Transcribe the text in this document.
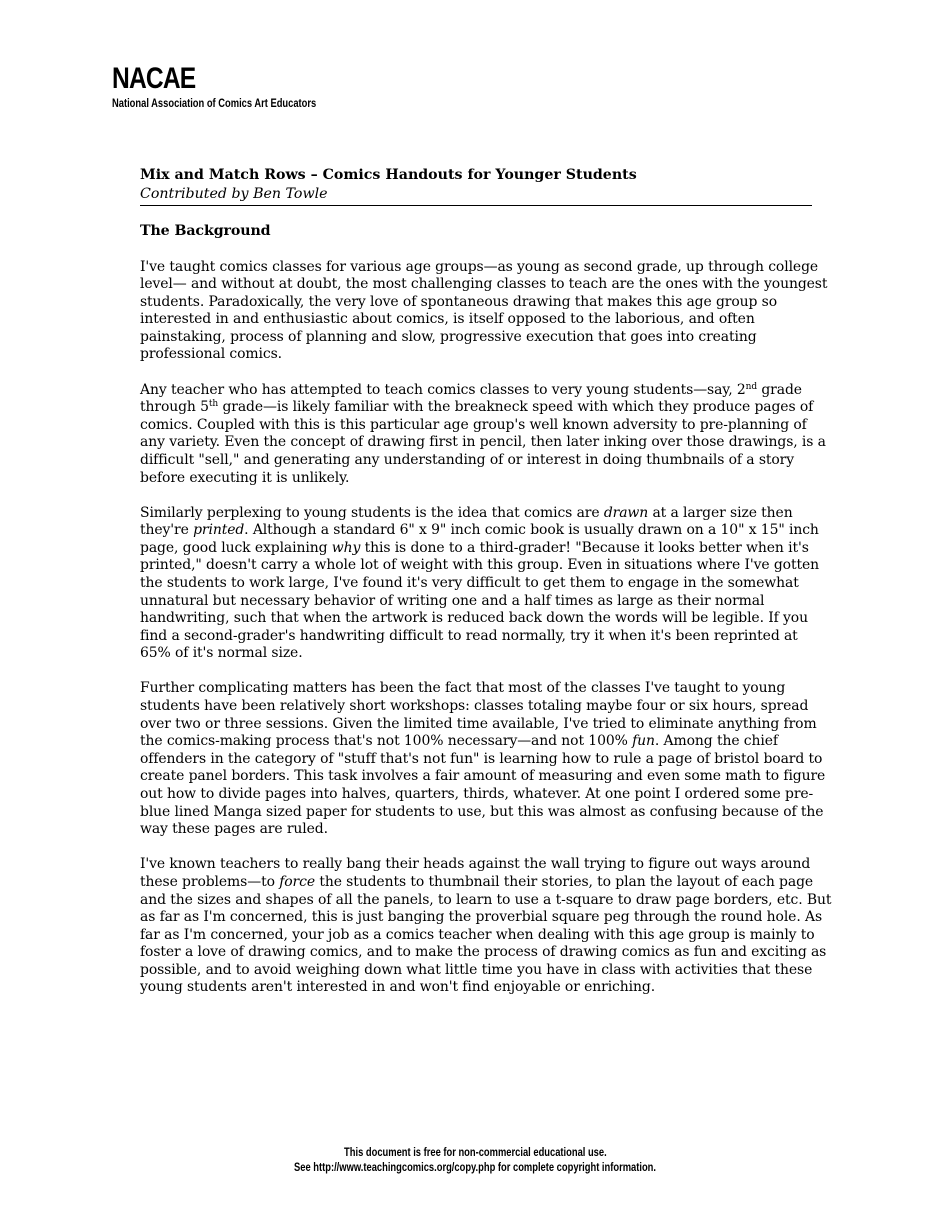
NACAE
National Association of Comics Art Educators

Mix and Match Rows – Comics Handouts for Younger Students

Contributed by Ben Towle

The Background

I've taught comics classes for various age groups—as young as second grade, up through college
level— and without at doubt, the most challenging classes to teach are the ones with the youngest
students. Paradoxically, the very love of spontaneous drawing that makes this age group so
interested in and enthusiastic about comics, is itself opposed to the laborious, and often
painstaking, process of planning and slow, progressive execution that goes into creating
professional comics.

Any teacher who has attempted to teach comics classes to very young students—say, 2nd grade
through 5th grade—is likely familiar with the breakneck speed with which they produce pages of
comics. Coupled with this is this particular age group's well known adversity to pre-planning of
any variety. Even the concept of drawing first in pencil, then later inking over those drawings, is a
difficult "sell," and generating any understanding of or interest in doing thumbnails of a story
before executing it is unlikely.

Similarly perplexing to young students is the idea that comics are drawn at a larger size then
they're printed. Although a standard 6" x 9" inch comic book is usually drawn on a 10" x 15" inch
page, good luck explaining why this is done to a third-grader! "Because it looks better when it's
printed," doesn't carry a whole lot of weight with this group. Even in situations where I've gotten
the students to work large, I've found it's very difficult to get them to engage in the somewhat
unnatural but necessary behavior of writing one and a half times as large as their normal
handwriting, such that when the artwork is reduced back down the words will be legible. If you
find a second-grader's handwriting difficult to read normally, try it when it's been reprinted at
65% of it's normal size.

Further complicating matters has been the fact that most of the classes I've taught to young
students have been relatively short workshops: classes totaling maybe four or six hours, spread
over two or three sessions. Given the limited time available, I've tried to eliminate anything from
the comics-making process that's not 100% necessary—and not 100% fun. Among the chief
offenders in the category of "stuff that's not fun" is learning how to rule a page of bristol board to
create panel borders. This task involves a fair amount of measuring and even some math to figure
out how to divide pages into halves, quarters, thirds, whatever. At one point I ordered some pre-
blue lined Manga sized paper for students to use, but this was almost as confusing because of the
way these pages are ruled.

I've known teachers to really bang their heads against the wall trying to figure out ways around
these problems—to force the students to thumbnail their stories, to plan the layout of each page
and the sizes and shapes of all the panels, to learn to use a t-square to draw page borders, etc. But
as far as I'm concerned, this is just banging the proverbial square peg through the round hole. As
far as I'm concerned, your job as a comics teacher when dealing with this age group is mainly to
foster a love of drawing comics, and to make the process of drawing comics as fun and exciting as
possible, and to avoid weighing down what little time you have in class with activities that these
young students aren't interested in and won't find enjoyable or enriching.

This document is free for non-commercial educational use.
See http://www.teachingcomics.org/copy.php for complete copyright information.
